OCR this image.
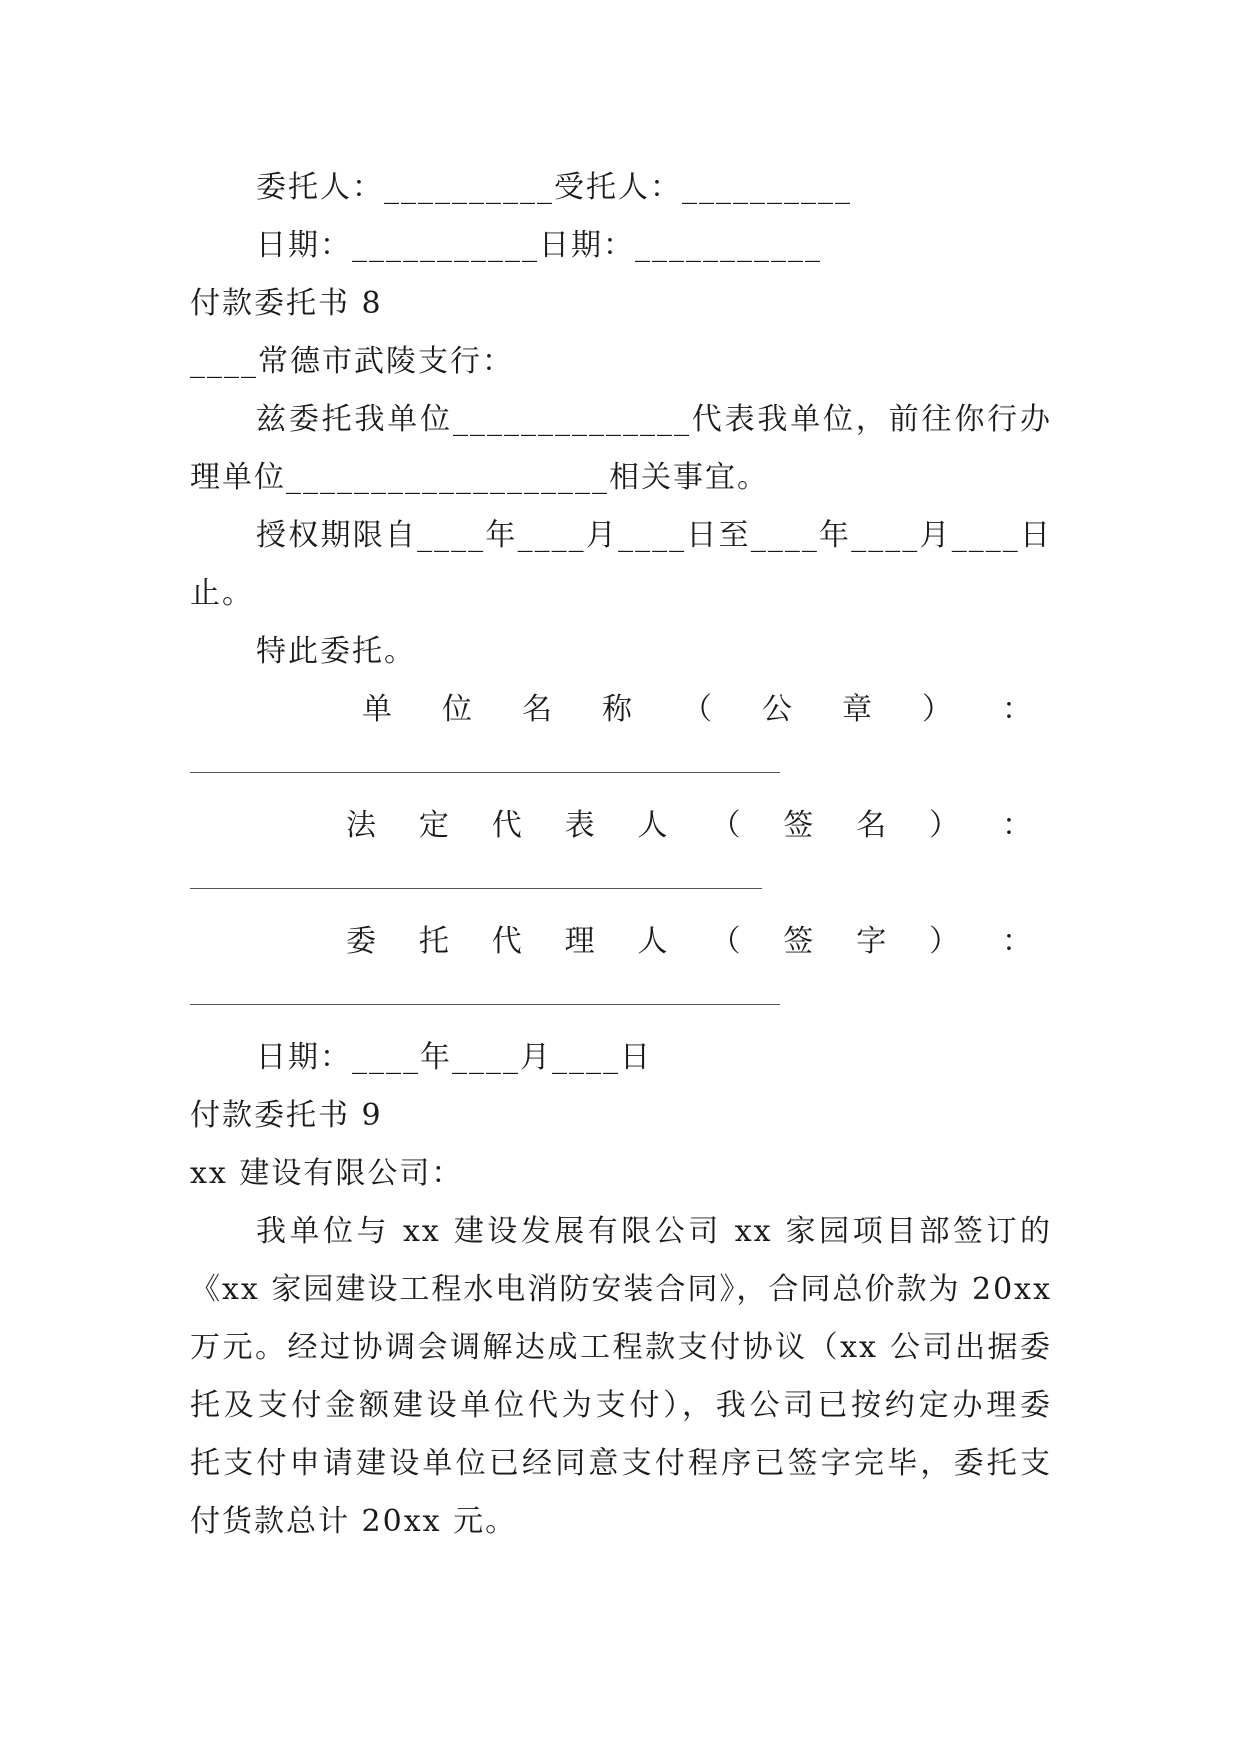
委托人：__________受托人：__________
日期：___________日期：___________
付款委托书 8
____常德市武陵支行：
兹委托我单位______________代表我单位，前往你行办
理单位___________________相关事宜。
授权期限自____年____月____日至____年____月____日
止。
特此委托。
单 位 名 称 （ 公 章 ） ：
法 定 代 表 人 （ 签 名 ） ：
委 托 代 理 人 （ 签 字 ） ：
日期：____年____月____日
付款委托书 9
xx 建设有限公司：
我单位与 xx 建设发展有限公司 xx 家园项目部签订的
《xx 家园建设工程水电消防安装合同》，合同总价款为 20xx
万元。经过协调会调解达成工程款支付协议（xx 公司出据委
托及支付金额建设单位代为支付），我公司已按约定办理委
托支付申请建设单位已经同意支付程序已签字完毕，委托支
付货款总计 20xx 元。
